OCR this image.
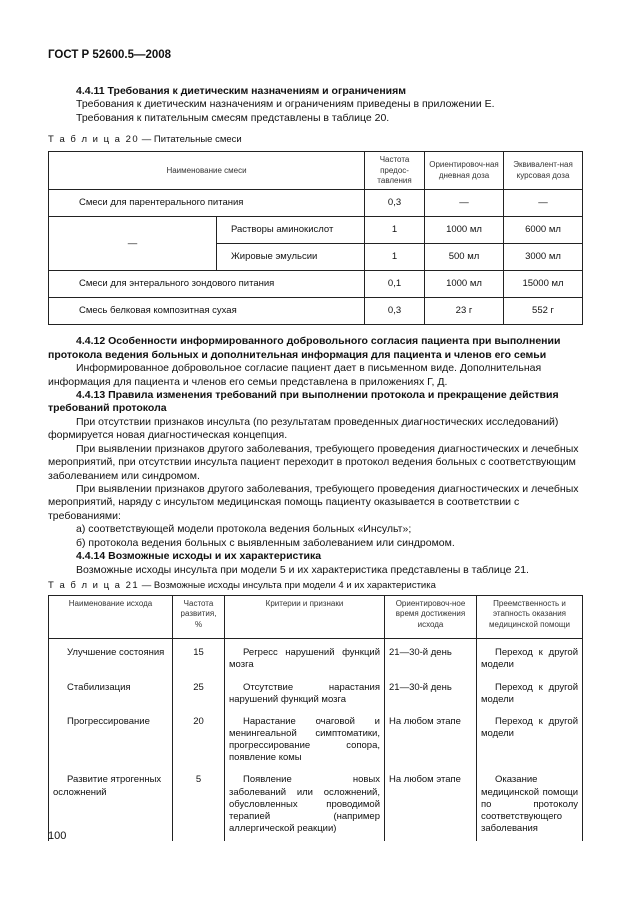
ГОСТ Р 52600.5—2008

4.4.11 Требования к диетическим назначениям и ограничениям

Требования к диетическим назначениям и ограничениям приведены в приложении Е.

Требования к питательным смесям представлены в таблице 20.

Т а б л и ц а 20 — Питательные смеси
Наименование смеси		Частота предос-тавления	Ориентировоч-ная дневная доза	Эквивалент-ная курсовая доза
Смеси для парентерального питания		0,3	—	—
—	Растворы аминокислот	1	1000 мл	6000 мл
	Жировые эмульсии	1	500 мл	3000 мл
Смеси для энтерального зондового питания		0,1	1000 мл	15000 мл
Смесь белковая композитная сухая		0,3	23 г	552 г

4.4.12 Особенности информированного добровольного согласия пациента при выполнении протокола ведения больных и дополнительная информация для пациента и членов его семьи

Информированное добровольное согласие пациент дает в письменном виде. Дополнительная информация для пациента и членов его семьи представлена в приложениях Г, Д.

4.4.13 Правила изменения требований при выполнении протокола и прекращение действия требований протокола

При отсутствии признаков инсульта (по результатам проведенных диагностических исследований) формируется новая диагностическая концепция.

При выявлении признаков другого заболевания, требующего проведения диагностических и лечебных мероприятий, при отсутствии инсульта пациент переходит в протокол ведения больных с соответствующим заболеванием или синдромом.

При выявлении признаков другого заболевания, требующего проведения диагностических и лечебных мероприятий, наряду с инсультом медицинская помощь пациенту оказывается в соответствии с требованиями:

а) соответствующей модели протокола ведения больных «Инсульт»;

б) протокола ведения больных с выявленным заболеванием или синдромом.

4.4.14 Возможные исходы и их характеристика

Возможные исходы инсульта при модели 5 и их характеристика представлены в таблице 21.

Т а б л и ц а 21 — Возможные исходы инсульта при модели 4 и их характеристика
Наименование исхода	Частота развития, %	Критерии и признаки	Ориентировоч-ное время достижения исхода	Преемственность и этапность оказания медицинской помощи
Улучшение состояния	15	Регресс нарушений функций мозга	21—30-й день	Переход к другой модели
Стабилизация	25	Отсутствие нарастания нарушений функций мозга	21—30-й день	Переход к другой модели
Прогрессирование	20	Нарастание очаговой и менингеальной симптоматики, прогрессирование сопора, появление комы	На любом этапе	Переход к другой модели
Развитие ятрогенных осложнений	5	Появление новых заболеваний или осложнений, обусловленных проводимой терапией (например аллергической реакции)	На любом этапе	Оказание медицинской помощи по протоколу соответствующего заболевания
100
